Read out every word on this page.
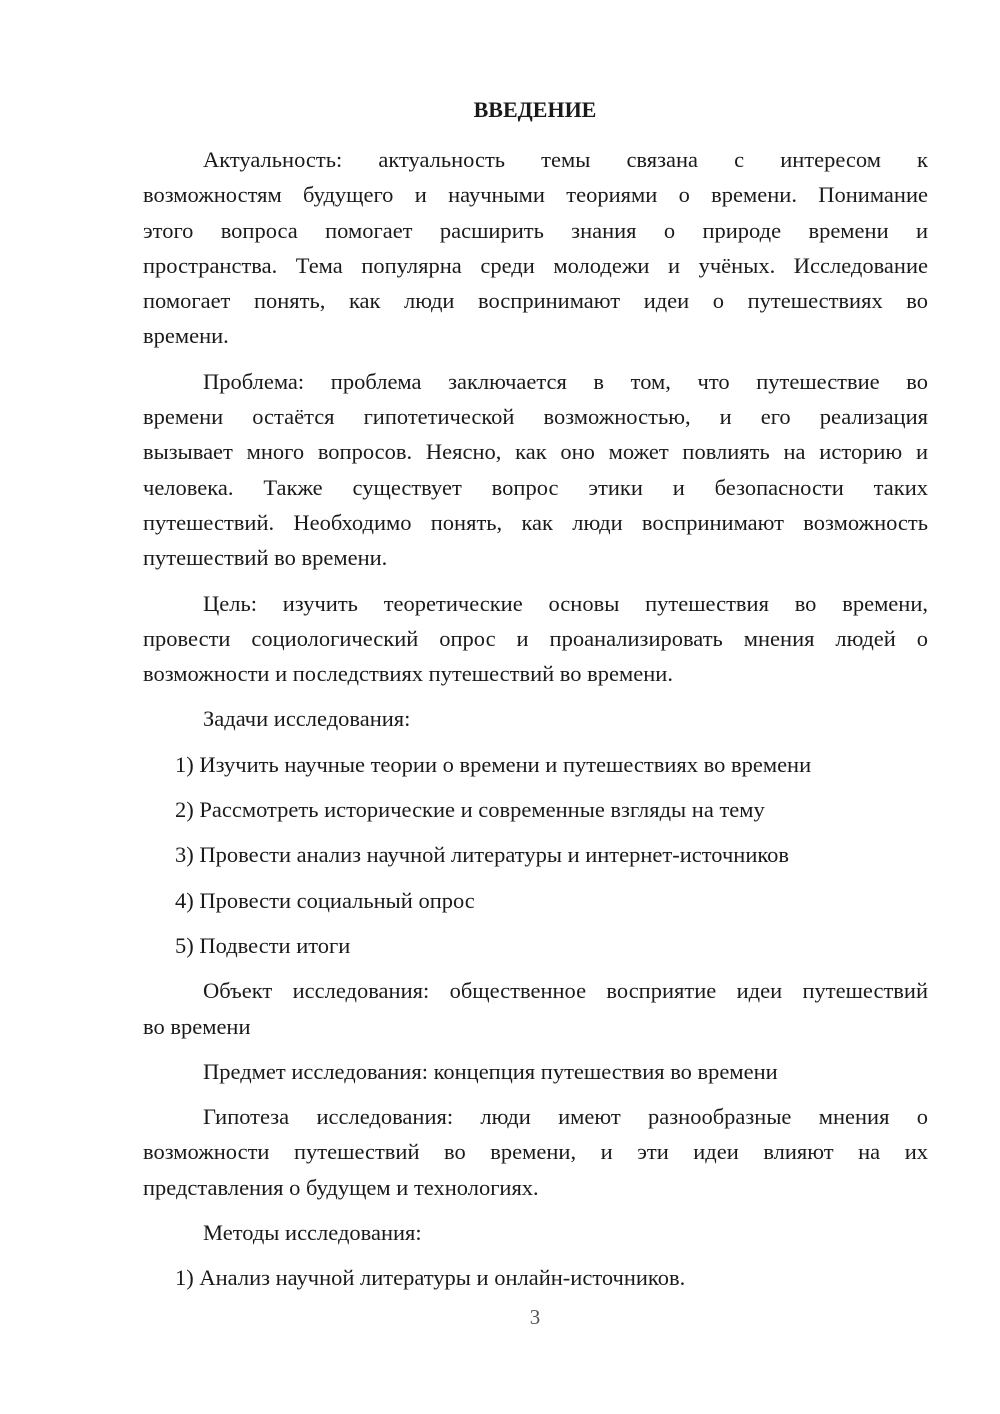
ВВЕДЕНИЕ
Актуальность: актуальность темы связана с интересом к
возможностям будущего и научными теориями о времени. Понимание
этого вопроса помогает расширить знания о природе времени и
пространства. Тема популярна среди молодежи и учёных. Исследование
помогает понять, как люди воспринимают идеи о путешествиях во
времени.
Проблема: проблема заключается в том, что путешествие во
времени остаётся гипотетической возможностью, и его реализация
вызывает много вопросов. Неясно, как оно может повлиять на историю и
человека. Также существует вопрос этики и безопасности таких
путешествий. Необходимо понять, как люди воспринимают возможность
путешествий во времени.
Цель: изучить теоретические основы путешествия во времени,
провести социологический опрос и проанализировать мнения людей о
возможности и последствиях путешествий во времени.
Задачи исследования:
1) Изучить научные теории о времени и путешествиях во времени
2) Рассмотреть исторические и современные взгляды на тему
3) Провести анализ научной литературы и интернет-источников
4) Провести социальный опрос
5) Подвести итоги
Объект исследования: общественное восприятие идеи путешествий
во времени
Предмет исследования: концепция путешествия во времени
Гипотеза исследования: люди имеют разнообразные мнения о
возможности путешествий во времени, и эти идеи влияют на их
представления о будущем и технологиях.
Методы исследования:
1) Анализ научной литературы и онлайн-источников.
3
